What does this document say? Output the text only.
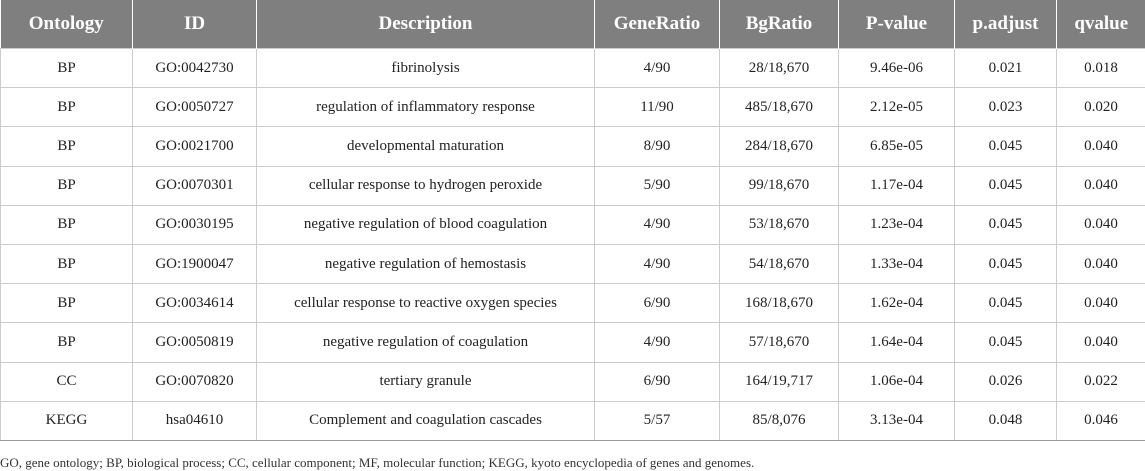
Ontology	ID	Description	GeneRatio	BgRatio	P-value	p.adjust	qvalue
BP	GO:0042730	fibrinolysis	4/90	28/18,670	9.46e-06	0.021	0.018
BP	GO:0050727	regulation of inflammatory response	11/90	485/18,670	2.12e-05	0.023	0.020
BP	GO:0021700	developmental maturation	8/90	284/18,670	6.85e-05	0.045	0.040
BP	GO:0070301	cellular response to hydrogen peroxide	5/90	99/18,670	1.17e-04	0.045	0.040
BP	GO:0030195	negative regulation of blood coagulation	4/90	53/18,670	1.23e-04	0.045	0.040
BP	GO:1900047	negative regulation of hemostasis	4/90	54/18,670	1.33e-04	0.045	0.040
BP	GO:0034614	cellular response to reactive oxygen species	6/90	168/18,670	1.62e-04	0.045	0.040
BP	GO:0050819	negative regulation of coagulation	4/90	57/18,670	1.64e-04	0.045	0.040
CC	GO:0070820	tertiary granule	6/90	164/19,717	1.06e-04	0.026	0.022
KEGG	hsa04610	Complement and coagulation cascades	5/57	85/8,076	3.13e-04	0.048	0.046
GO, gene ontology; BP, biological process; CC, cellular component; MF, molecular function; KEGG, kyoto encyclopedia of genes and genomes.
